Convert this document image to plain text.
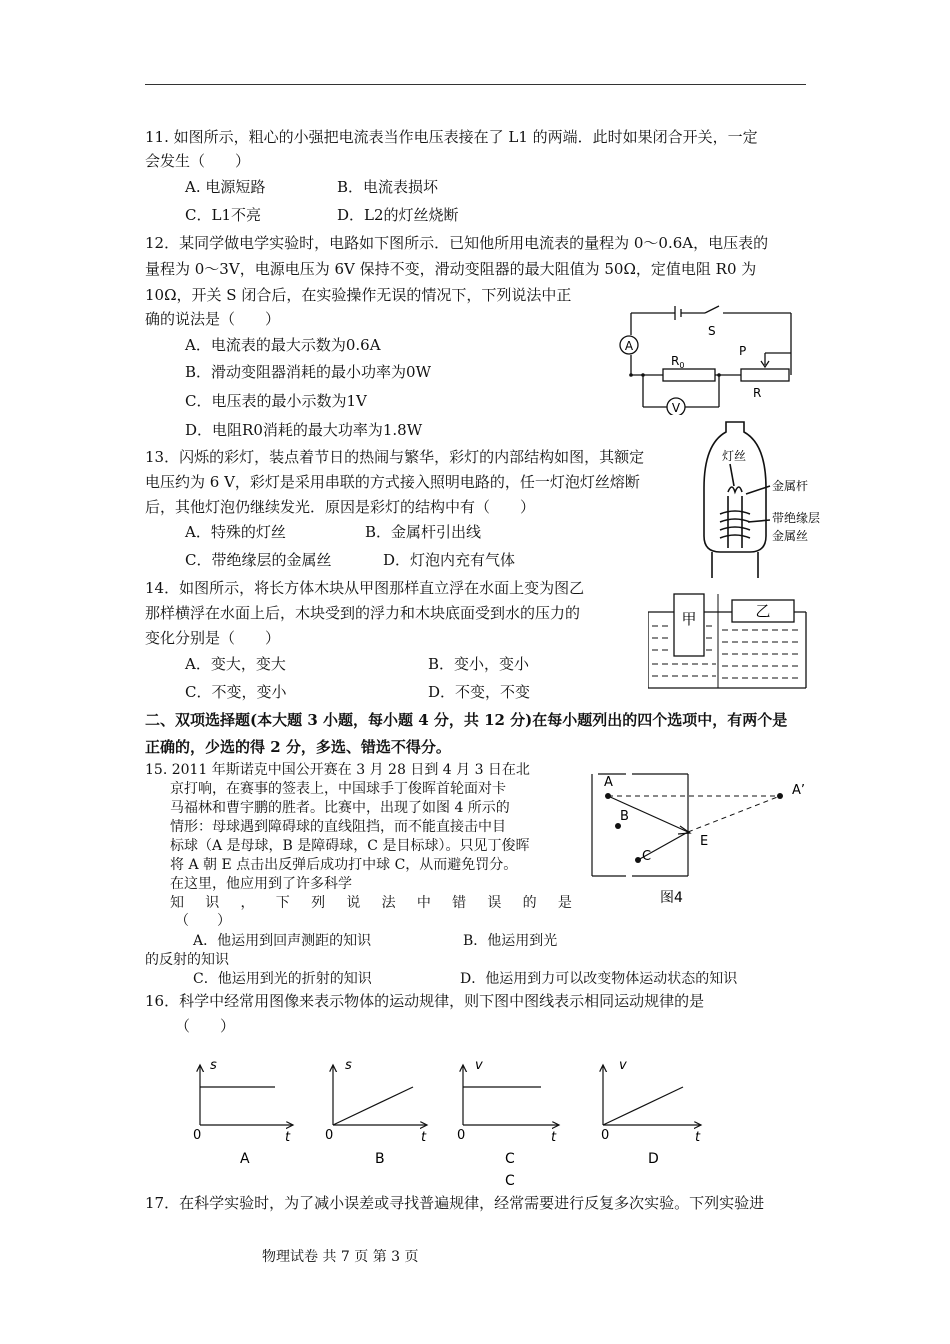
11. 如图所示，粗心的小强把电流表当作电压表接在了 L1 的两端．此时如果闭合开关，一定
会发生（　　）
A. 电源短路	B．电流表损坏
C．L1不亮	D．L2的灯丝烧断
12．某同学做电学实验时，电路如下图所示．已知他所用电流表的量程为 0～0.6A，电压表的
量程为 0～3V，电源电压为 6V 保持不变，滑动变阻器的最大阻值为 50Ω，定值电阻 R0 为
10Ω，开关 S 闭合后，在实验操作无误的情况下，下列说法中正
确的说法是（　　）
A．电流表的最大示数为0.6A
B．滑动变阻器消耗的最小功率为0W
C．电压表的最小示数为1V
D．电阻R0消耗的最大功率为1.8W
A
V
S
P
R
$R_0$
13．闪烁的彩灯，装点着节日的热闹与繁华，彩灯的内部结构如图，其额定
电压约为 6 V，彩灯是采用串联的方式接入照明电路的，任一灯泡灯丝熔断
后，其他灯泡仍继续发光．原因是彩灯的结构中有（　　）
A．特殊的灯丝	B．金属杆引出线
C．带绝缘层的金属丝	D．灯泡内充有气体
灯丝
金属杆
带绝缘层
金属丝
14．如图所示，将长方体木块从甲图那样直立浮在水面上变为图乙
那样横浮在水面上后，木块受到的浮力和木块底面受到水的压力的
变化分别是（　　）
A．变大，变大	B．变小，变小
C．不变，变小	D．不变，不变
甲	乙
二、双项选择题(本大题 3 小题，每小题 4 分，共 12 分)在每小题列出的四个选项中，有两个是
正确的，少选的得 2 分，多选、错选不得分。
15. 2011 年斯诺克中国公开赛在 3 月 28 日到 4 月 3 日在北
京打响，在赛事的签表上，中国球手丁俊晖首轮面对卡
马福林和曹宇鹏的胜者。比赛中，出现了如图 4 所示的
情形：母球遇到障碍球的直线阻挡，而不能直接击中目
标球（A 是母球，B 是障碍球，C 是目标球）。只见丁俊晖
将 A 朝 E 点击出反弹后成功打中球 C，从而避免罚分。
在这里，他应用到了许多科学
知 识 ， 下 列 说 法 中 错 误 的 是
（　　）
A．他运用到回声测距的知识	B．他运用到光
的反射的知识
C．他运用到光的折射的知识	D．他运用到力可以改变物体运动状态的知识
A
B
C
E
A’
图4
16．科学中经常用图像来表示物体的运动规律，则下图中图线表示相同运动规律的是
（　　）
s
t
0
A
s
t
0
B
v
t
0
C
C
v
t
0
D
17．在科学实验时，为了减小误差或寻找普遍规律，经常需要进行反复多次实验。下列实验进
物理试卷 共 7 页 第 3 页
